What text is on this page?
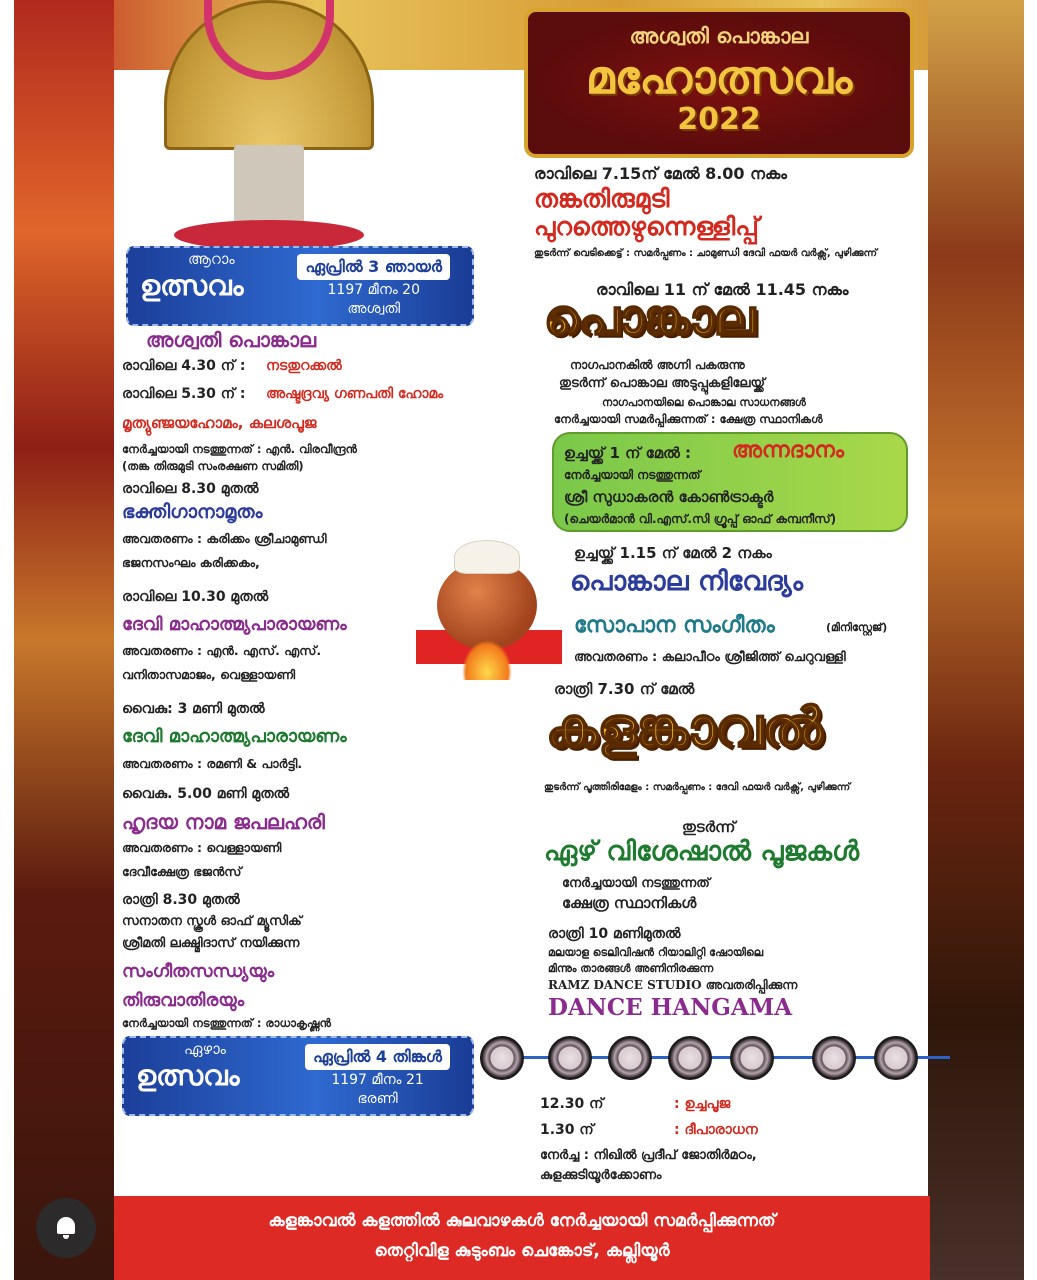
അശ്വതി പൊങ്കാല
മഹോത്സവം
2022
ഉത്സവം
ആറാം	ഏപ്രിൽ 3 ഞായർ
1197 മീനം 20
അശ്വതി
അശ്വതി പൊങ്കാല
രാവിലെ 4.30 ന് : നടതുറക്കൽ
രാവിലെ 5.30 ന് : അഷ്ടദ്രവ്യ ഗണപതി ഹോമം
മൃത്യുഞ്ജയഹോമം, കലശപൂജ
നേർച്ചയായി നടത്തുന്നത് : എൻ. വിരവീന്ദ്രൻ
(തങ്ക തിരുമുടി സംരക്ഷണ സമിതി)
രാവിലെ 8.30 മുതൽ
ഭക്തിഗാനാമൃതം
അവതരണം : കരിക്കം ശ്രീചാമുണ്ഡി
ഭജനസംഘം കരിക്കകം,
രാവിലെ 10.30 മുതൽ
ദേവി മാഹാത്മ്യപാരായണം
അവതരണം : എൻ. എസ്. എസ്.
വനിതാസമാജം, വെള്ളായണി
വൈകു: 3 മണി മുതൽ
ദേവി മാഹാത്മ്യപാരായണം
അവതരണം : രമണി & പാർട്ടി.
വൈകു. 5.00 മണി മുതൽ
ഹൃദയ നാമ ജപലഹരി
അവതരണം : വെള്ളായണി
ദേവീക്ഷേത്ര ഭജൻസ്
രാത്രി 8.30 മുതൽ
സനാതന സ്കൂൾ ഓഫ് മ്യൂസിക്
ശ്രീമതി ലക്ഷ്മിദാസ് നയിക്കുന്ന
സംഗീതസന്ധ്യയും
തിരുവാതിരയും
നേർച്ചയായി നടത്തുന്നത് : രാധാകൃഷ്ണൻ
ഉത്സവം
ഏഴാം	ഏപ്രിൽ 4 തിങ്കൾ
1197 മീനം 21
ഭരണി
രാവിലെ 7.15ന് മേൽ 8.00 നകം
തങ്കതിരുമുടി
പുറത്തെഴുന്നെള്ളിപ്പ്
തുടർന്ന് വെടിക്കെട്ട് : സമർപ്പണം : ചാമുണ്ഡി ദേവി ഫയർ വർക്സ്, പുഴിക്കുന്ന്
രാവിലെ 11 ന് മേൽ 11.45 നകം
പൊങ്കാല
നാഗപാനകിൽ അഗ്നി പകരുന്നു
തുടർന്ന് പൊങ്കാല അടുപ്പുകളിലേയ്ക്ക്
നാഗപാനയിലെ പൊങ്കാല സാധനങ്ങൾ
നേർച്ചയായി സമർപ്പിക്കുന്നത് : ക്ഷേത്ര സ്ഥാനികൾ
ഉച്ചയ്ക്ക് 1 ന് മേൽ : അന്നദാനം
നേർച്ചയായി നടത്തുന്നത്
ശ്രീ സുധാകരൻ കോൺട്രാക്ടർ
(ചെയർമാൻ വി.എസ്.സി ഗ്രൂപ്പ് ഓഫ് കമ്പനീസ്)
ഉച്ചയ്ക്ക് 1.15 ന് മേൽ 2 നകം
പൊങ്കാല നിവേദ്യം
സോപാന സംഗീതം	(മിനിസ്റ്റേജ്)
അവതരണം : കലാപീഠം ശ്രീജിത്ത് ചെറുവള്ളി
രാത്രി 7.30 ന് മേൽ
കളങ്കാവൽ
തുടർന്ന് പൂത്തിരിമേളം : സമർപ്പണം : ദേവി ഫയർ വർക്സ്, പുഴിക്കുന്ന്
തുടർന്ന്
ഏഴ് വിശേഷാൽ പൂജകൾ
നേർച്ചയായി നടത്തുന്നത്
ക്ഷേത്ര സ്ഥാനികൾ
രാത്രി 10 മണിമുതൽ
മലയാള ടെലിവിഷൻ റിയാലിറ്റി ഷോയിലെ
മിന്നും താരങ്ങൾ അണിനിരക്കുന്ന
RAMZ DANCE STUDIO അവതരിപ്പിക്കുന്ന
DANCE HANGAMA
12.30 ന്	: ഉച്ചപൂജ
1.30 ന്	: ദീപാരാധന
നേർച്ച : നിഖിൽ പ്രദീപ് ജോതിർമഠം,
കുളക്കുടിയൂർക്കോണം
കളങ്കാവൽ കളത്തിൽ കുലവാഴകൾ നേർച്ചയായി സമർപ്പിക്കുന്നത്
തെറ്റിവിള കുടുംബം ചെങ്കോട്, കല്ലിയൂർ
